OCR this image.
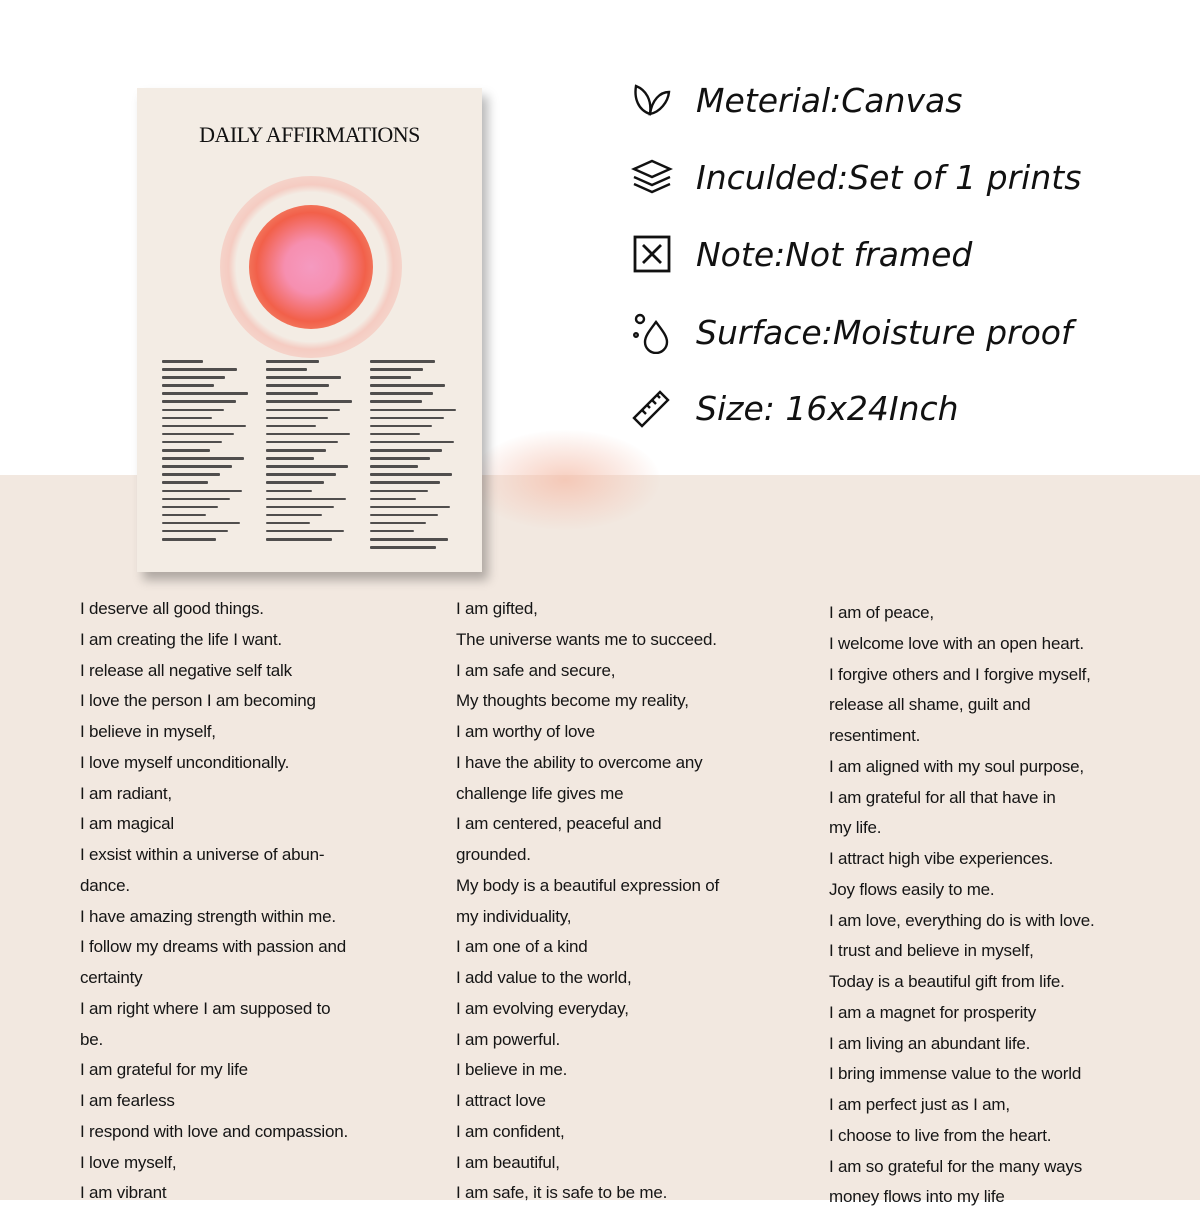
DAILY AFFIRMATIONS
Meterial:Canvas
Inculded:Set of 1 prints
Note:Not framed
Surface:Moisture proof
Size: 16x24Inch
I deserve all good things.
I am creating the life I want.
I release all negative self talk
I love the person I am becoming
I believe in myself,
I love myself unconditionally.
I am radiant,
I am magical
I exsist within a universe of abun-
dance.
I have amazing strength within me.
I follow my dreams with passion and
certainty
I am right where I am supposed to
be.
I am grateful for my life
I am fearless
I respond with love and compassion.
I love myself,
I am vibrant
I am gifted,
The universe wants me to succeed.
I am safe and secure,
My thoughts become my reality,
I am worthy of love
I have the ability to overcome any
challenge life gives me
I am centered, peaceful and
grounded.
My body is a beautiful expression of
my individuality,
I am one of a kind
I add value to the world,
I am evolving everyday,
I am powerful.
I believe in me.
I attract love
I am confident,
I am beautiful,
I am safe, it is safe to be me.
I am of peace,
I welcome love with an open heart.
I forgive others and I forgive myself,
release all shame, guilt and
resentiment.
I am aligned with my soul purpose,
I am grateful for all that have in
my life.
I attract high vibe experiences.
Joy flows easily to me.
I am love, everything do is with love.
I trust and believe in myself,
Today is a beautiful gift from life.
I am a magnet for prosperity
I am living an abundant life.
I bring immense value to the world
I am perfect just as I am,
I choose to live from the heart.
I am so grateful for the many ways
money flows into my life
